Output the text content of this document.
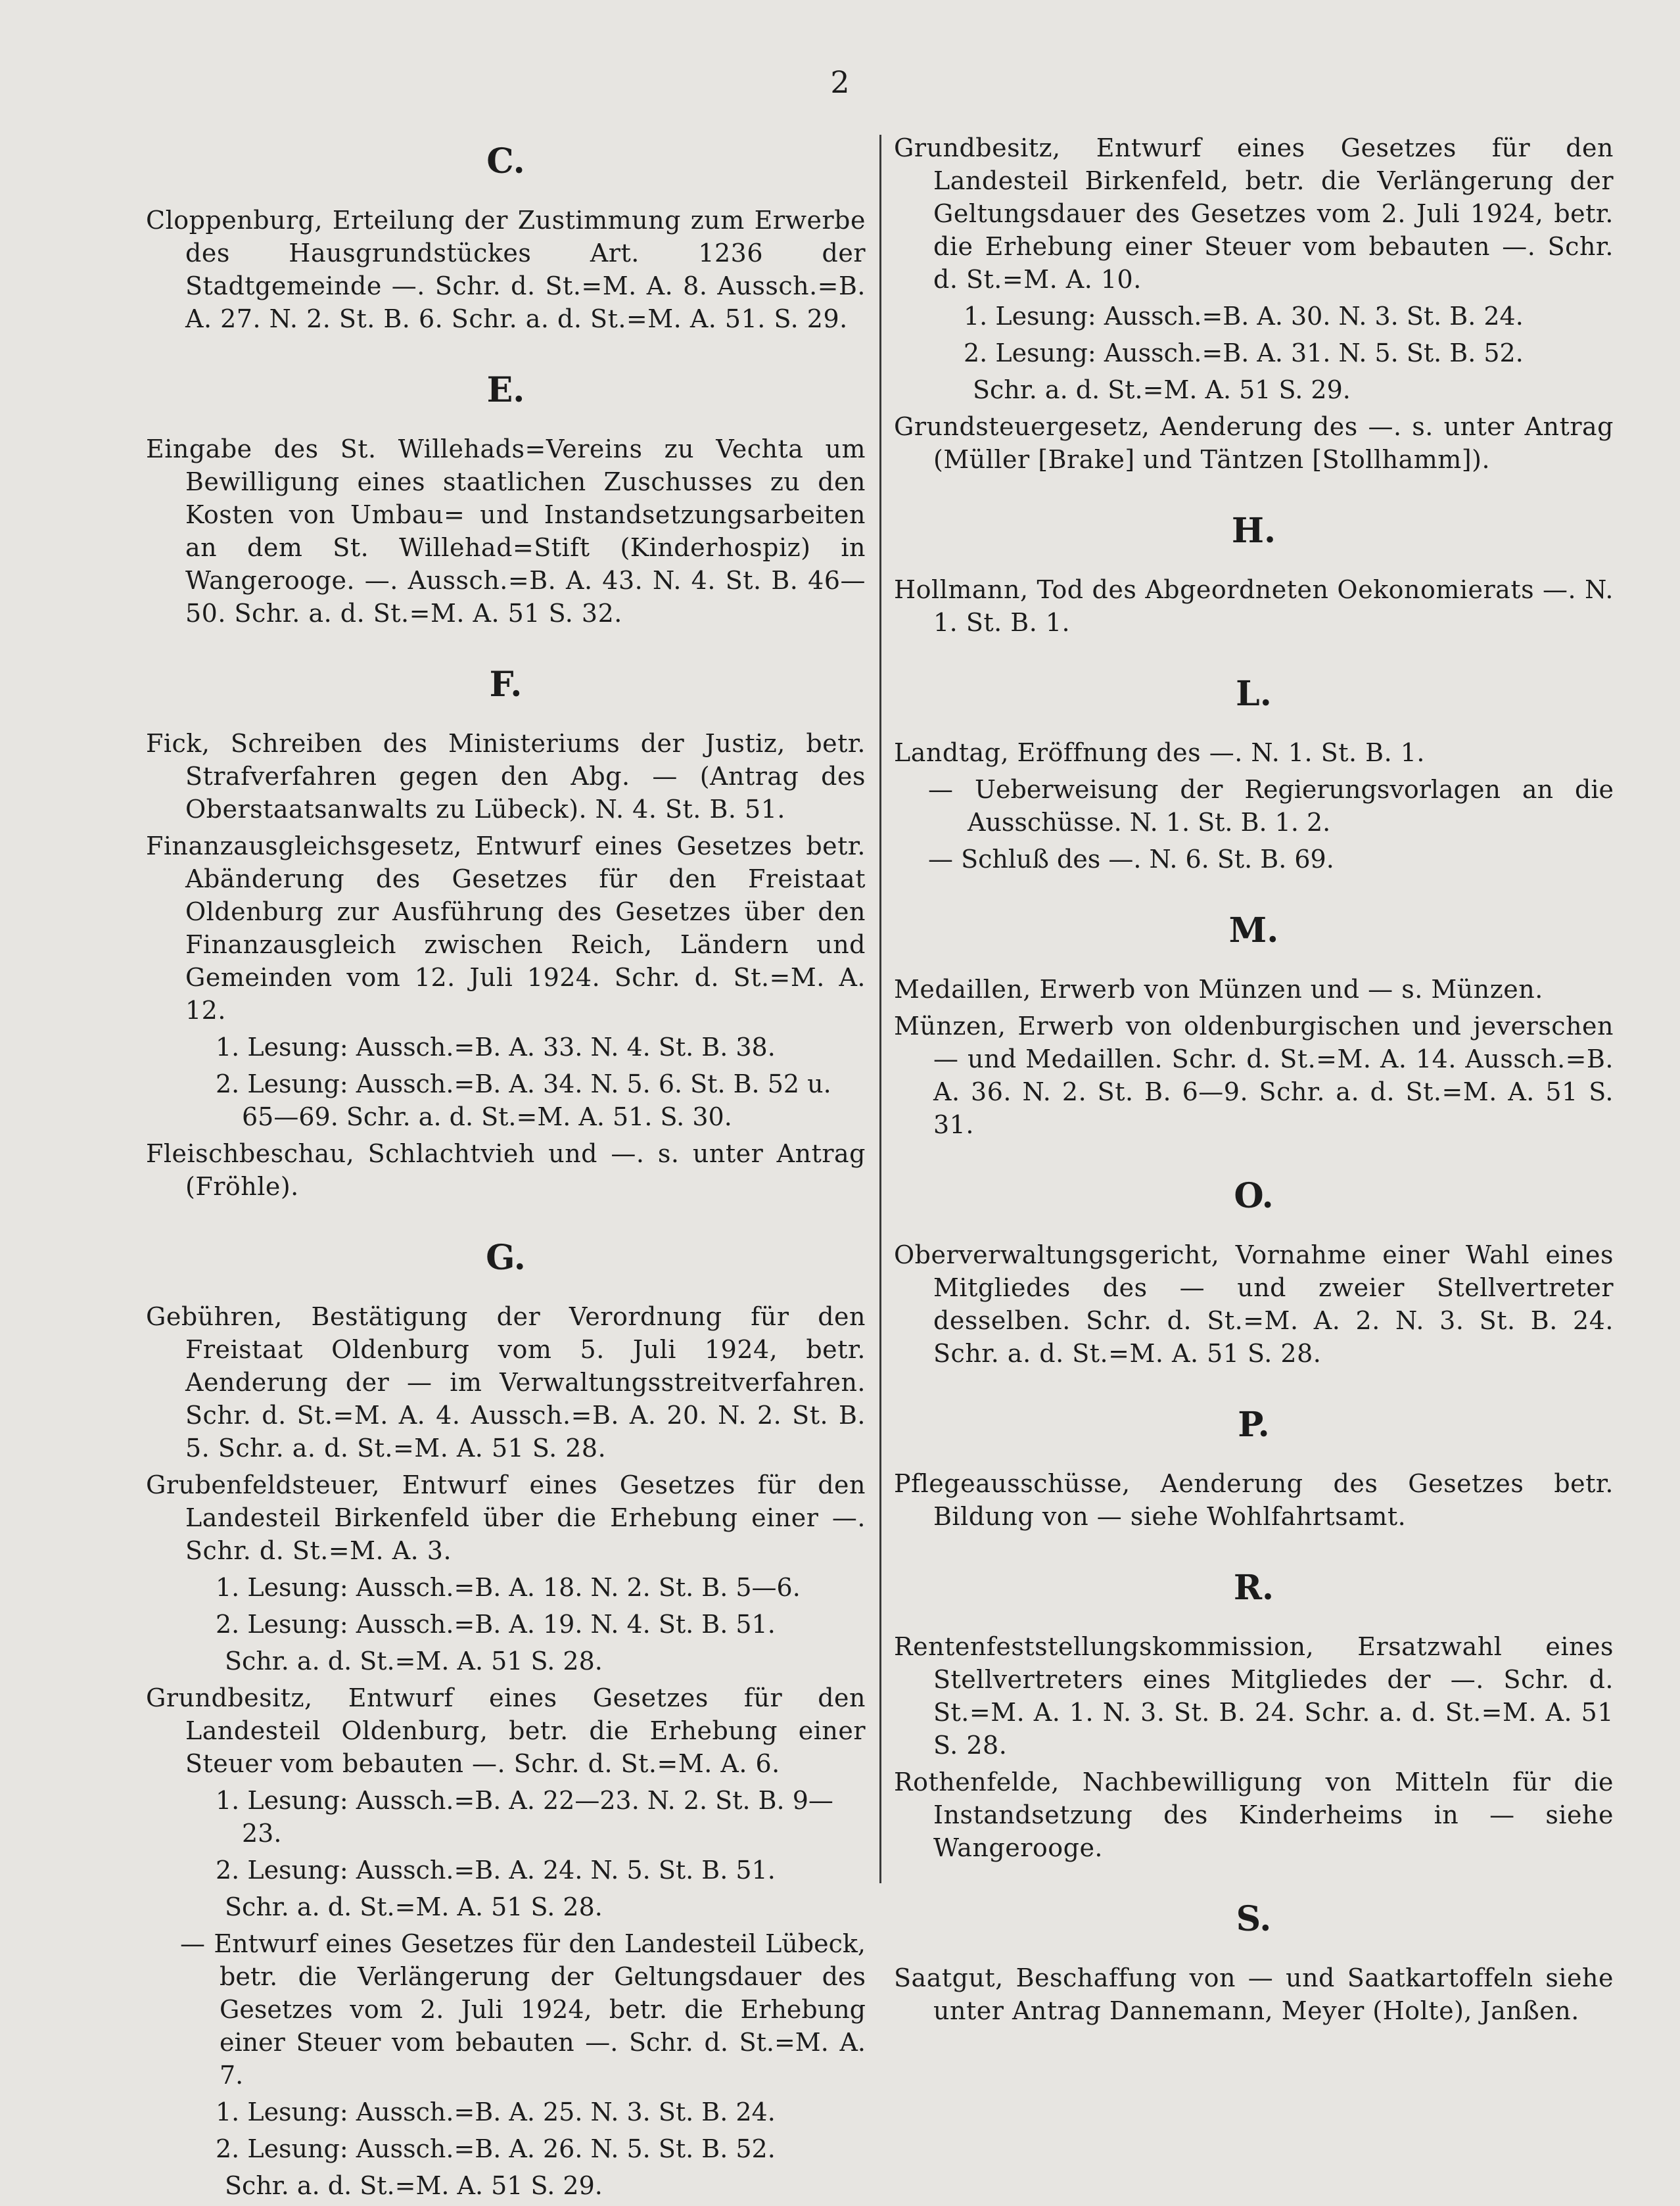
2
C.

Cloppenburg, Erteilung der Zustimmung zum Erwerbe des Hausgrundstückes Art. 1236 der Stadtgemeinde —. Schr. d. St.=M. A. 8. Aussch.=B. A. 27. N. 2. St. B. 6. Schr. a. d. St.=M. A. 51. S. 29.

E.

Eingabe des St. Willehads=Vereins zu Vechta um Bewilligung eines staatlichen Zuschusses zu den Kosten von Umbau= und Instandsetzungsarbeiten an dem St. Willehad=Stift (Kinderhospiz) in Wangerooge. —. Aussch.=B. A. 43. N. 4. St. B. 46—50. Schr. a. d. St.=M. A. 51 S. 32.

F.

Fick, Schreiben des Ministeriums der Justiz, betr. Strafverfahren gegen den Abg. — (Antrag des Oberstaatsanwalts zu Lübeck). N. 4. St. B. 51.

Finanzausgleichsgesetz, Entwurf eines Gesetzes betr. Abänderung des Gesetzes für den Freistaat Oldenburg zur Ausführung des Gesetzes über den Finanzausgleich zwischen Reich, Ländern und Gemeinden vom 12. Juli 1924. Schr. d. St.=M. A. 12.

1. Lesung: Aussch.=B. A. 33. N. 4. St. B. 38.

2. Lesung: Aussch.=B. A. 34. N. 5. 6. St. B. 52 u. 65—69. Schr. a. d. St.=M. A. 51. S. 30.

Fleischbeschau, Schlachtvieh und —. s. unter Antrag (Fröhle).

G.

Gebühren, Bestätigung der Verordnung für den Freistaat Oldenburg vom 5. Juli 1924, betr. Aenderung der — im Verwaltungsstreitverfahren. Schr. d. St.=M. A. 4. Aussch.=B. A. 20. N. 2. St. B. 5. Schr. a. d. St.=M. A. 51 S. 28.

Grubenfeldsteuer, Entwurf eines Gesetzes für den Landesteil Birkenfeld über die Erhebung einer —. Schr. d. St.=M. A. 3.

1. Lesung: Aussch.=B. A. 18. N. 2. St. B. 5—6.

2. Lesung: Aussch.=B. A. 19. N. 4. St. B. 51.

Schr. a. d. St.=M. A. 51 S. 28.

Grundbesitz, Entwurf eines Gesetzes für den Landesteil Oldenburg, betr. die Erhebung einer Steuer vom bebauten —. Schr. d. St.=M. A. 6.

1. Lesung: Aussch.=B. A. 22—23. N. 2. St. B. 9—23.

2. Lesung: Aussch.=B. A. 24. N. 5. St. B. 51.

Schr. a. d. St.=M. A. 51 S. 28.

— Entwurf eines Gesetzes für den Landesteil Lübeck, betr. die Verlängerung der Geltungsdauer des Gesetzes vom 2. Juli 1924, betr. die Erhebung einer Steuer vom bebauten —. Schr. d. St.=M. A. 7.

1. Lesung: Aussch.=B. A. 25. N. 3. St. B. 24.

2. Lesung: Aussch.=B. A. 26. N. 5. St. B. 52.

Schr. a. d. St.=M. A. 51 S. 29.

Grundbesitz, Entwurf eines Gesetzes für den Landesteil Birkenfeld, betr. die Verlängerung der Geltungsdauer des Gesetzes vom 2. Juli 1924, betr. die Erhebung einer Steuer vom bebauten —. Schr. d. St.=M. A. 10.

1. Lesung: Aussch.=B. A. 30. N. 3. St. B. 24.

2. Lesung: Aussch.=B. A. 31. N. 5. St. B. 52.

Schr. a. d. St.=M. A. 51 S. 29.

Grundsteuergesetz, Aenderung des —. s. unter Antrag (Müller [Brake] und Täntzen [Stollhamm]).

H.

Hollmann, Tod des Abgeordneten Oekonomierats —. N. 1. St. B. 1.

L.

Landtag, Eröffnung des —. N. 1. St. B. 1.

— Ueberweisung der Regierungsvorlagen an die Ausschüsse. N. 1. St. B. 1. 2.

— Schluß des —. N. 6. St. B. 69.

M.

Medaillen, Erwerb von Münzen und — s. Münzen.

Münzen, Erwerb von oldenburgischen und jeverschen — und Medaillen. Schr. d. St.=M. A. 14. Aussch.=B. A. 36. N. 2. St. B. 6—9. Schr. a. d. St.=M. A. 51 S. 31.

O.

Oberverwaltungsgericht, Vornahme einer Wahl eines Mitgliedes des — und zweier Stellvertreter desselben. Schr. d. St.=M. A. 2. N. 3. St. B. 24. Schr. a. d. St.=M. A. 51 S. 28.

P.

Pflegeausschüsse, Aenderung des Gesetzes betr. Bildung von — siehe Wohlfahrtsamt.

R.

Rentenfeststellungskommission, Ersatzwahl eines Stellvertreters eines Mitgliedes der —. Schr. d. St.=M. A. 1. N. 3. St. B. 24. Schr. a. d. St.=M. A. 51 S. 28.

Rothenfelde, Nachbewilligung von Mitteln für die Instandsetzung des Kinderheims in — siehe Wangerooge.

S.

Saatgut, Beschaffung von — und Saatkartoffeln siehe unter Antrag Dannemann, Meyer (Holte), Janßen.
